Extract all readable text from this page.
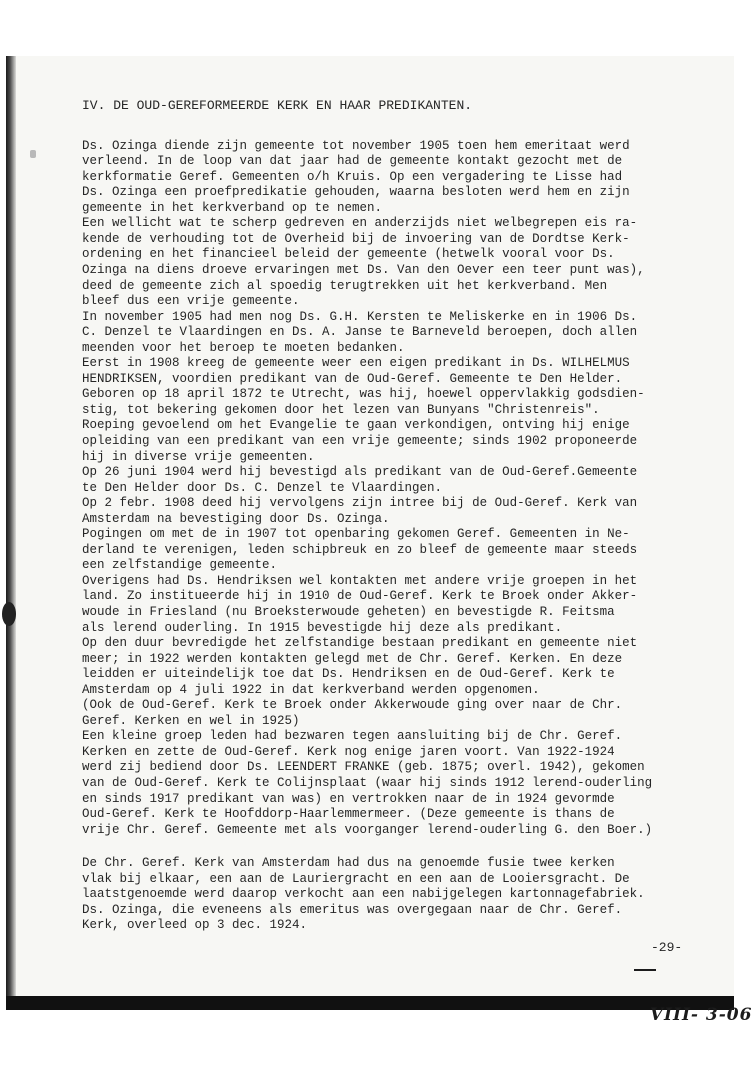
IV. DE OUD-GEREFORMEERDE KERK EN HAAR PREDIKANTEN.
Ds. Ozinga diende zijn gemeente tot november 1905 toen hem emeritaat werd
verleend. In de loop van dat jaar had de gemeente kontakt gezocht met de
kerkformatie Geref. Gemeenten o/h Kruis. Op een vergadering te Lisse had
Ds. Ozinga een proefpredikatie gehouden, waarna besloten werd hem en zijn
gemeente in het kerkverband op te nemen.
Een wellicht wat te scherp gedreven en anderzijds niet welbegrepen eis ra-
kende de verhouding tot de Overheid bij de invoering van de Dordtse Kerk-
ordening en het financieel beleid der gemeente (hetwelk vooral voor Ds.
Ozinga na diens droeve ervaringen met Ds. Van den Oever een teer punt was),
deed de gemeente zich al spoedig terugtrekken uit het kerkverband. Men
bleef dus een vrije gemeente.
In november 1905 had men nog Ds. G.H. Kersten te Meliskerke en in 1906 Ds.
C. Denzel te Vlaardingen en Ds. A. Janse te Barneveld beroepen, doch allen
meenden voor het beroep te moeten bedanken.
Eerst in 1908 kreeg de gemeente weer een eigen predikant in Ds. WILHELMUS
HENDRIKSEN, voordien predikant van de Oud-Geref. Gemeente te Den Helder.
Geboren op 18 april 1872 te Utrecht, was hij, hoewel oppervlakkig godsdien-
stig, tot bekering gekomen door het lezen van Bunyans "Christenreis".
Roeping gevoelend om het Evangelie te gaan verkondigen, ontving hij enige
opleiding van een predikant van een vrije gemeente; sinds 1902 proponeerde
hij in diverse vrije gemeenten.
Op 26 juni 1904 werd hij bevestigd als predikant van de Oud-Geref.Gemeente
te Den Helder door Ds. C. Denzel te Vlaardingen.
Op 2 febr. 1908 deed hij vervolgens zijn intree bij de Oud-Geref. Kerk van
Amsterdam na bevestiging door Ds. Ozinga.
Pogingen om met de in 1907 tot openbaring gekomen Geref. Gemeenten in Ne-
derland te verenigen, leden schipbreuk en zo bleef de gemeente maar steeds
een zelfstandige gemeente.
Overigens had Ds. Hendriksen wel kontakten met andere vrije groepen in het
land. Zo institueerde hij in 1910 de Oud-Geref. Kerk te Broek onder Akker-
woude in Friesland (nu Broeksterwoude geheten) en bevestigde R. Feitsma
als lerend ouderling. In 1915 bevestigde hij deze als predikant.
Op den duur bevredigde het zelfstandige bestaan predikant en gemeente niet
meer; in 1922 werden kontakten gelegd met de Chr. Geref. Kerken. En deze
leidden er uiteindelijk toe dat Ds. Hendriksen en de Oud-Geref. Kerk te
Amsterdam op 4 juli 1922 in dat kerkverband werden opgenomen.
(Ook de Oud-Geref. Kerk te Broek onder Akkerwoude ging over naar de Chr.
Geref. Kerken en wel in 1925)
Een kleine groep leden had bezwaren tegen aansluiting bij de Chr. Geref.
Kerken en zette de Oud-Geref. Kerk nog enige jaren voort. Van 1922-1924
werd zij bediend door Ds. LEENDERT FRANKE (geb. 1875; overl. 1942), gekomen
van de Oud-Geref. Kerk te Colijnsplaat (waar hij sinds 1912 lerend-ouderling
en sinds 1917 predikant van was) en vertrokken naar de in 1924 gevormde
Oud-Geref. Kerk te Hoofddorp-Haarlemmermeer. (Deze gemeente is thans de
vrije Chr. Geref. Gemeente met als voorganger lerend-ouderling G. den Boer.)
De Chr. Geref. Kerk van Amsterdam had dus na genoemde fusie twee kerken
vlak bij elkaar, een aan de Lauriergracht en een aan de Looiersgracht. De
laatstgenoemde werd daarop verkocht aan een nabijgelegen kartonnagefabriek.
Ds. Ozinga, die eveneens als emeritus was overgegaan naar de Chr. Geref.
Kerk, overleed op 3 dec. 1924.
-29-

VIII- 3-06
